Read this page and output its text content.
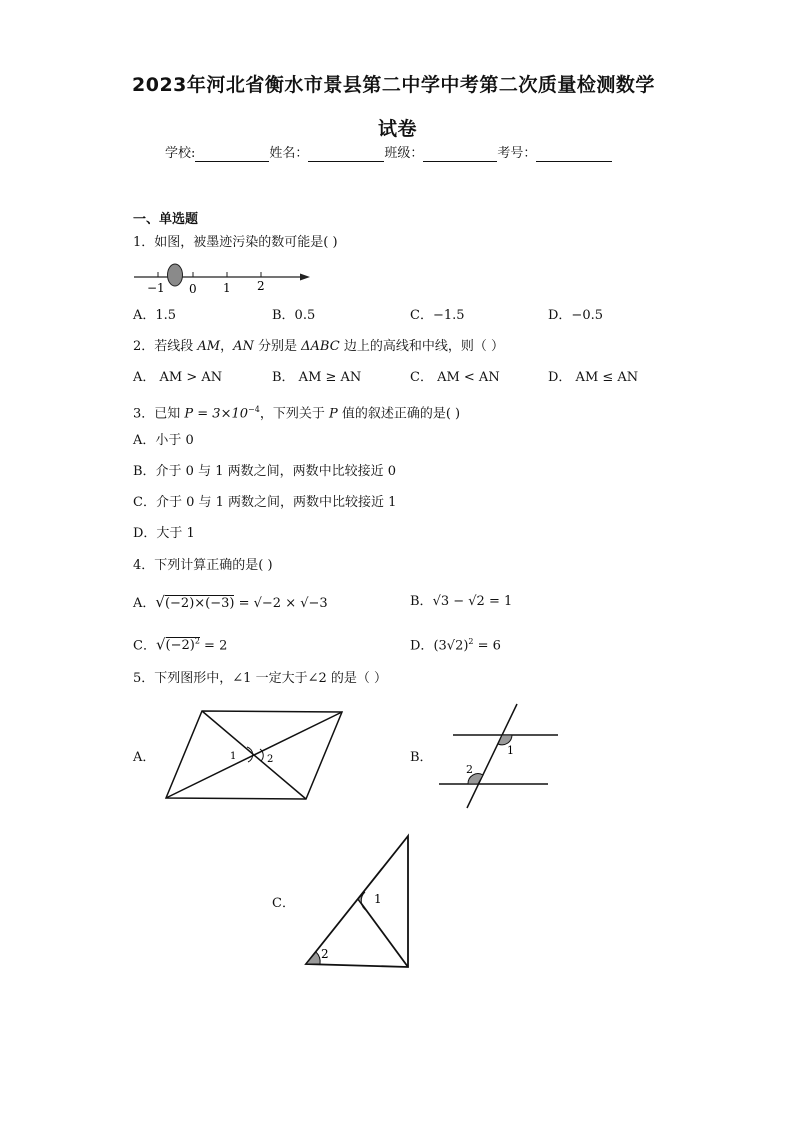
2023年河北省衡水市景县第二中学中考第二次质量检测数学
试卷
学校:	姓名：	班级：	考号：
一、单选题
1．如图，被墨迹污染的数可能是( )
−1 0 1 2
A．1.5	B．0.5	C．−1.5	D．−0.5
2．若线段 AM，AN 分别是 ΔABC 边上的高线和中线，则（ ）
A． AM > AN	B． AM ≥ AN	C． AM < AN	D． AM ≤ AN
3．已知 $P = 3\times 10^{-4}$，下列关于 P 值的叙述正确的是( )
A．小于 0
B．介于 0 与 1 两数之间，两数中比较接近 0
C．介于 0 与 1 两数之间，两数中比较接近 1
D．大于 1
4．下列计算正确的是( )
A．√(−2)×(−3) = √−2 × √−3	B．√3 − √2 = 1
C．$√(-2)^2 = 2$	D．$(3√2)^2 = 6$
5．下列图形中，∠1 一定大于∠2 的是（ ）
A．	1	2	B．	1
2
C．	1
2
